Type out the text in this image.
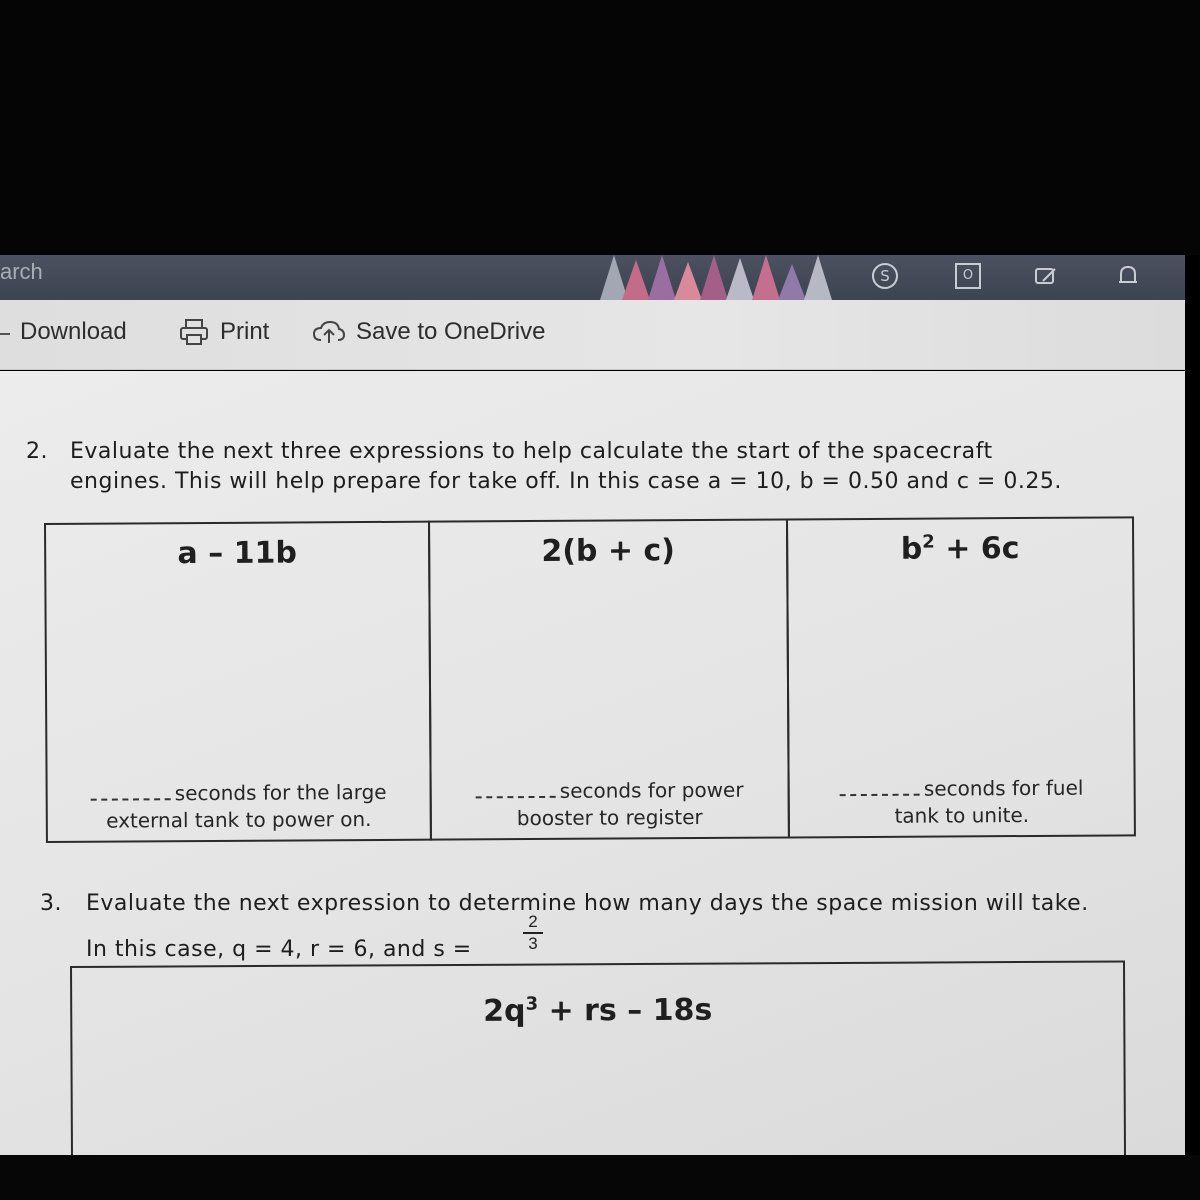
arch	S	O
Download	Print	Save to OneDrive
2. Evaluate the next three expressions to help calculate the start of the spacecraft
engines. This will help prepare for take off. In this case a = 10, b = 0.50 and c = 0.25.
a – 11b
seconds for the large
external tank to power on.
2(b + c)
seconds for power
booster to register
$b^2 + 6c$
seconds for fuel
tank to unite.
3. Evaluate the next expression to determine how many days the space mission will take.
In this case, q = 4, r = 6, and s =
2
3
$2q^3$ + rs – 18s
